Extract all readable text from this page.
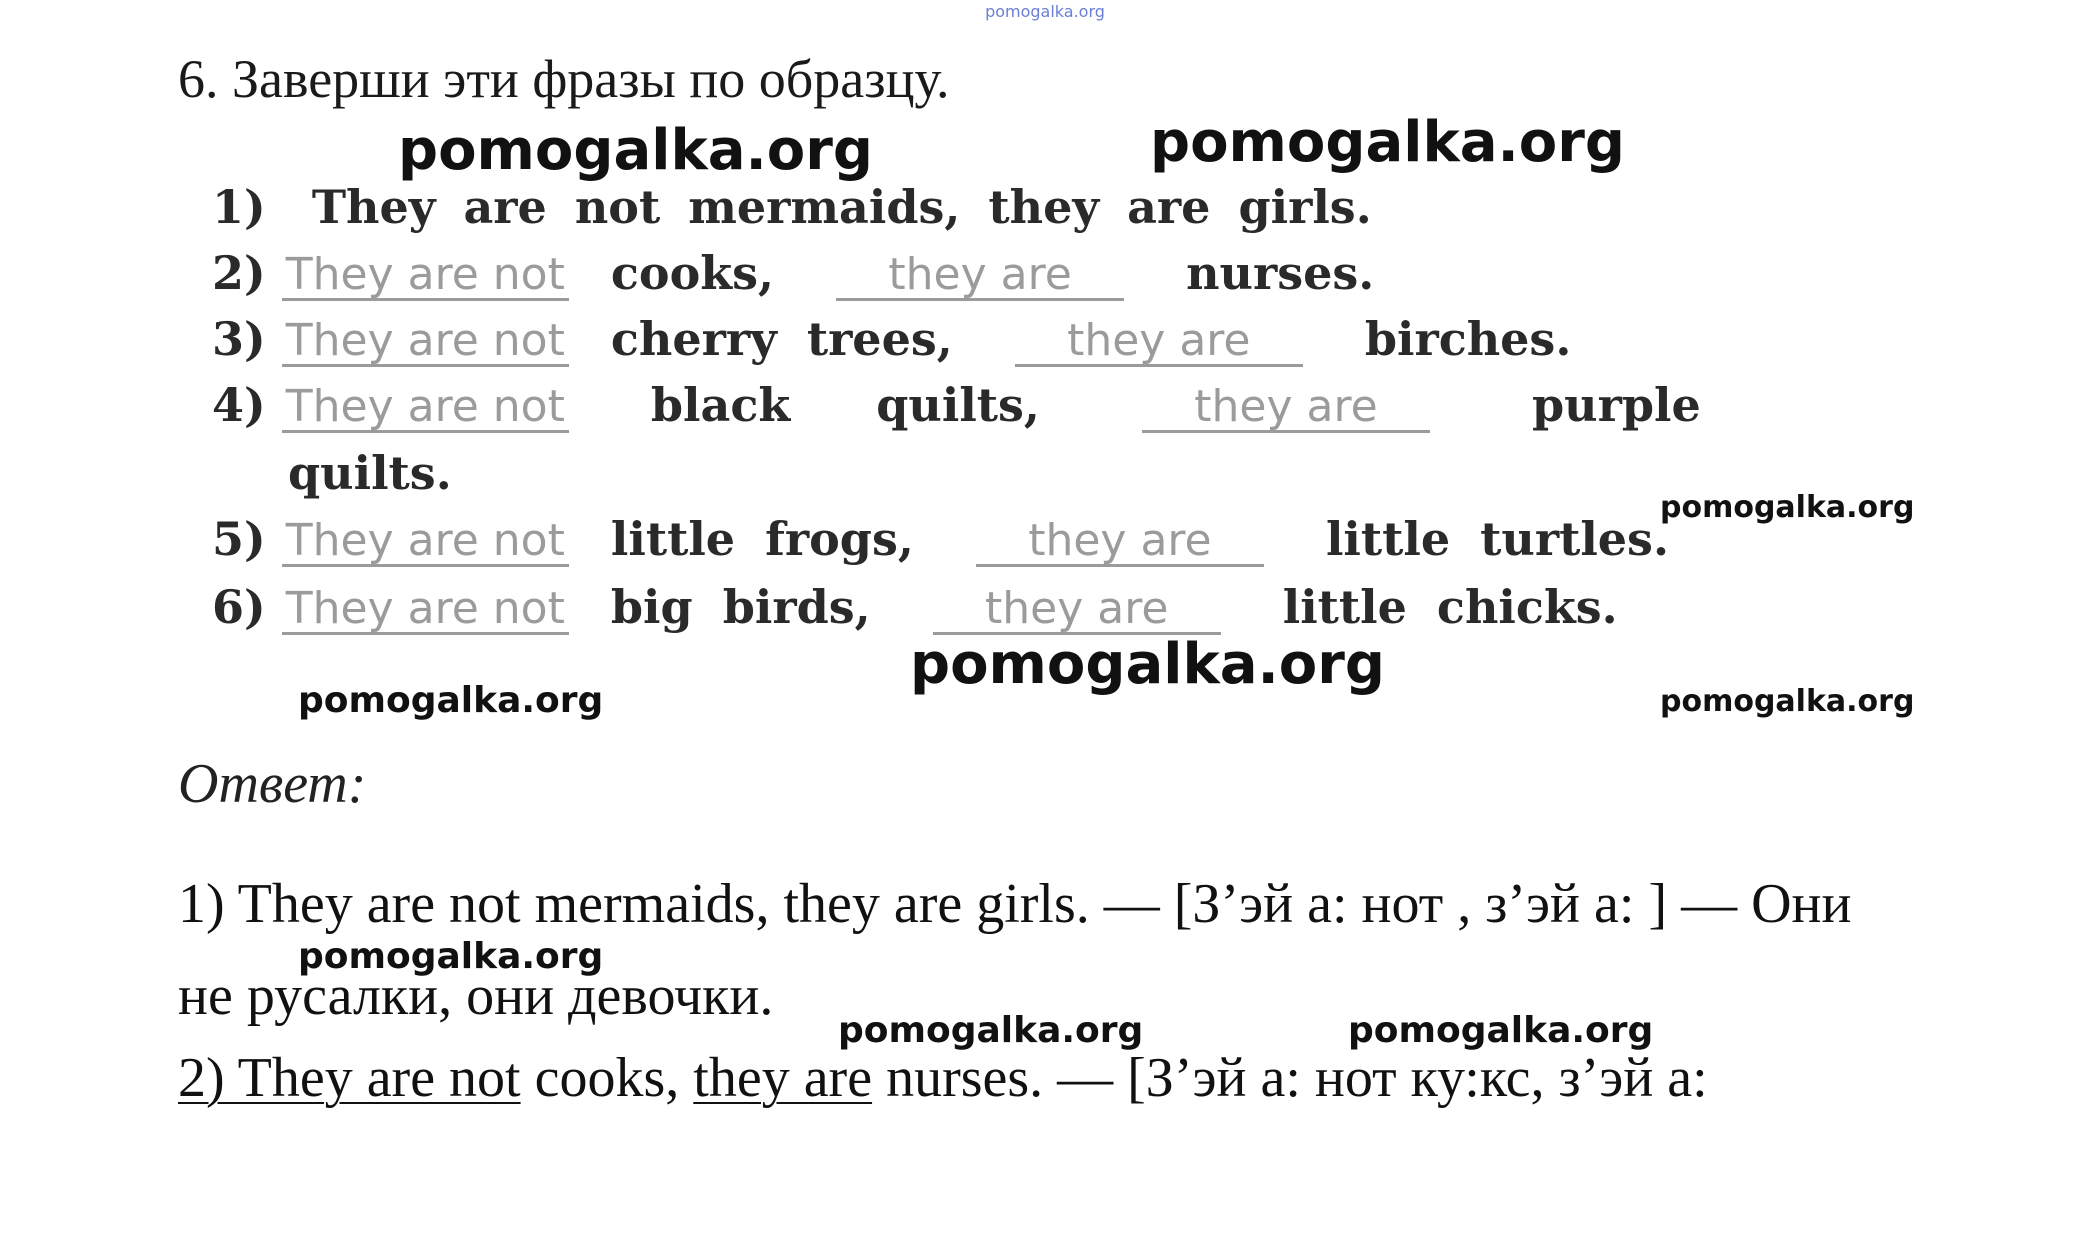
pomogalka.org
6. Заверши эти фразы по образцу.
pomogalka.org	pomogalka.org
1) They are not mermaids, they are girls.
2) They are not cooks,	they are nurses.
3) They are not cherry trees,	they are birches.
4) They are not black quilts,	they are	purple
quilts.
pomogalka.org
5) They are not little frogs,	they are little turtles.
6) They are not big birds,	they are little chicks.
pomogalka.org
pomogalka.org	pomogalka.org
Ответ:
1) They are not mermaids, they are girls. — [З’эй а: нот , з’эй а: ] — Они
pomogalka.org
не русалки, они девочки.
pomogalka.org	pomogalka.org
2) They are not cooks, they are nurses. — [З’эй а: нот ку:кс, з’эй а:
